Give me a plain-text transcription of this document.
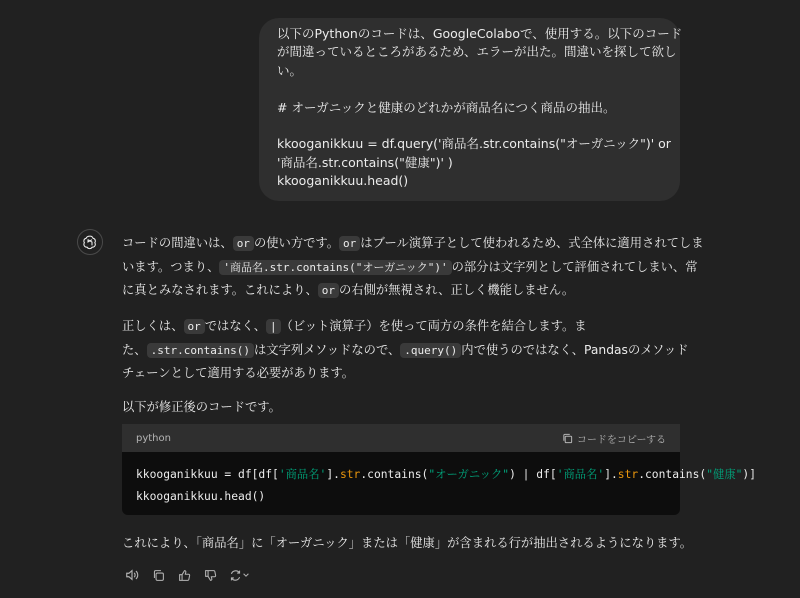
以下のPythonのコードは、GoogleColaboで、使用する。以下のコード
が間違っているところがあるため、エラーが出た。間違いを探して欲し
い。
# オーガニックと健康のどれかが商品名につく商品の抽出。
kkooganikkuu = df.query('商品名.str.contains("オーガニック")' or
'商品名.str.contains("健康")' )
kkooganikkuu.head()
コードの間違いは、 or の使い方です。 or はブール演算子として使われるため、式全体に適用されてしま
います。つまり、 '商品名.str.contains("オーガニック")' の部分は文字列として評価されてしまい、常
に真とみなされます。これにより、 or の右側が無視され、正しく機能しません。
正しくは、 or ではなく、 | （ビット演算子）を使って両方の条件を結合します。ま
た、 .str.contains() は文字列メソッドなので、 .query() 内で使うのではなく、Pandasのメソッド
チェーンとして適用する必要があります。
以下が修正後のコードです。
python	コードをコピーする
kkooganikkuu = df[df['商品名'].str.contains("オーガニック") | df['商品名'].str.contains("健康")]
kkooganikkuu.head()
これにより、「商品名」に「オーガニック」または「健康」が含まれる行が抽出されるようになります。
